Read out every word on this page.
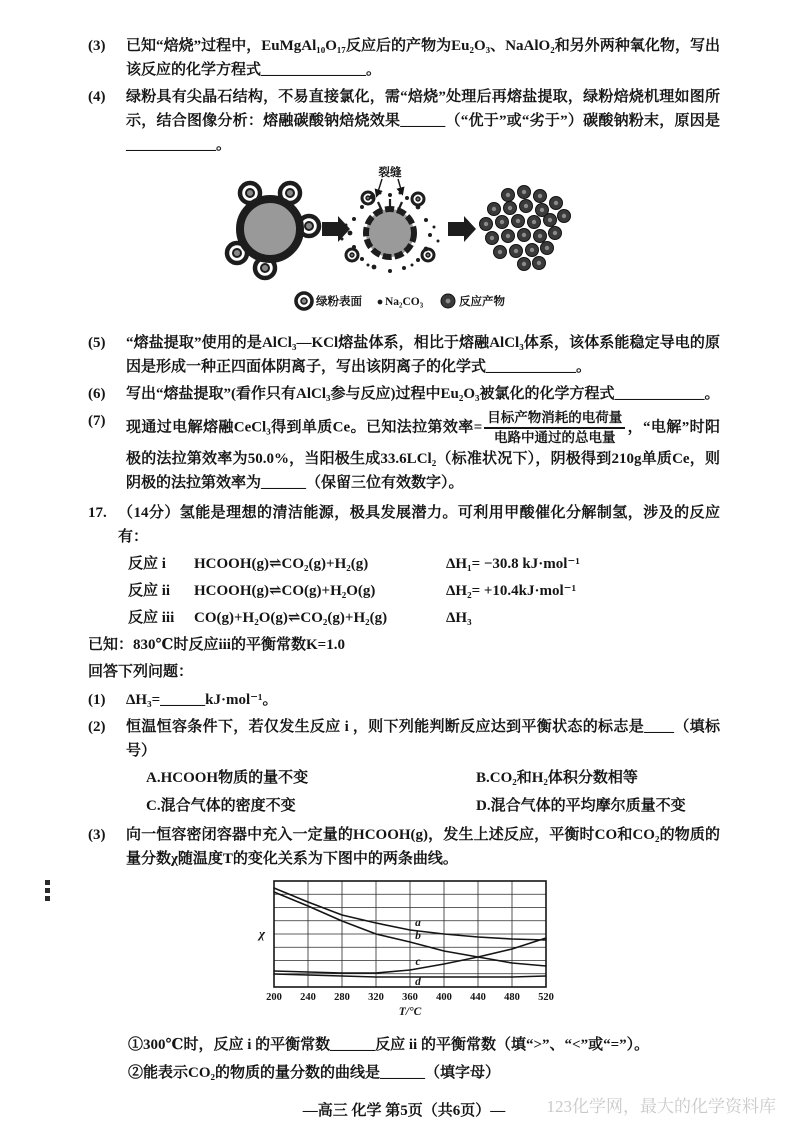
(3)	已知“焙烧”过程中，EuMgAl₁₀O₁₇反应后的产物为Eu₂O₃、NaAlO₂和另外两种氧化物，写出该反应的化学方程式______________。
(4)	绿粉具有尖晶石结构，不易直接氯化，需“焙烧”处理后再熔盐提取，绿粉焙烧机理如图所示，结合图像分析：熔融碳酸钠焙烧效果______（“优于”或“劣于”）碳酸钠粉末，原因是____________。
裂缝
绿粉表面 Na₂CO₃	反应产物
(5)	“熔盐提取”使用的是AlCl₃—KCl熔盐体系，相比于熔融AlCl₃体系，该体系能稳定导电的原因是形成一种正四面体阴离子，写出该阴离子的化学式____________。
(6)	写出“熔盐提取”(看作只有AlCl₃参与反应)过程中Eu₂O₃被氯化的化学方程式____________。
(7)	现通过电解熔融CeCl₃得到单质Ce。已知法拉第效率= $\frac{\text{目标产物消耗的电荷量}}{\text{电路中通过的总电量}}$ ，“电解”时阳极的法拉第效率为50.0%，当阳极生成33.6LCl₂（标准状况下），阴极得到210g单质Ce，则阴极的法拉第效率为______（保留三位有效数字）。
17. （14分）氢能是理想的清洁能源，极具发展潜力。可利用甲酸催化分解制氢，涉及的反应有：
反应 i	HCOOH(g)⇌CO₂(g)+H₂(g)	ΔH₁= −30.8 kJ·mol⁻¹
反应 ii	HCOOH(g)⇌CO(g)+H₂O(g)	ΔH₂= +10.4kJ·mol⁻¹
反应 iii	CO(g)+H₂O(g)⇌CO₂(g)+H₂(g)	ΔH₃
已知：830℃时反应iii的平衡常数K=1.0
回答下列问题：
(1)	ΔH₃=______kJ·mol⁻¹。
(2)	恒温恒容条件下，若仅发生反应 i ，则下列能判断反应达到平衡状态的标志是____（填标号）
A.HCOOH物质的量不变	B.CO₂和H₂体积分数相等
C.混合气体的密度不变	D.混合气体的平均摩尔质量不变
(3)	向一恒容密闭容器中充入一定量的HCOOH(g)，发生上述反应，平衡时CO和CO₂的物质的量分数χ随温度T的变化关系为下图中的两条曲线。
a
b
c
d
χ
200 240 280 320 360 400 440 480 520
T/°C
①300℃时，反应 i 的平衡常数______反应 ii 的平衡常数（填“>”、“<”或“=”）。
②能表示CO₂的物质的量分数的曲线是______（填字母）
—高三 化学 第5页（共6页）—	123化学网，最大的化学资料库
